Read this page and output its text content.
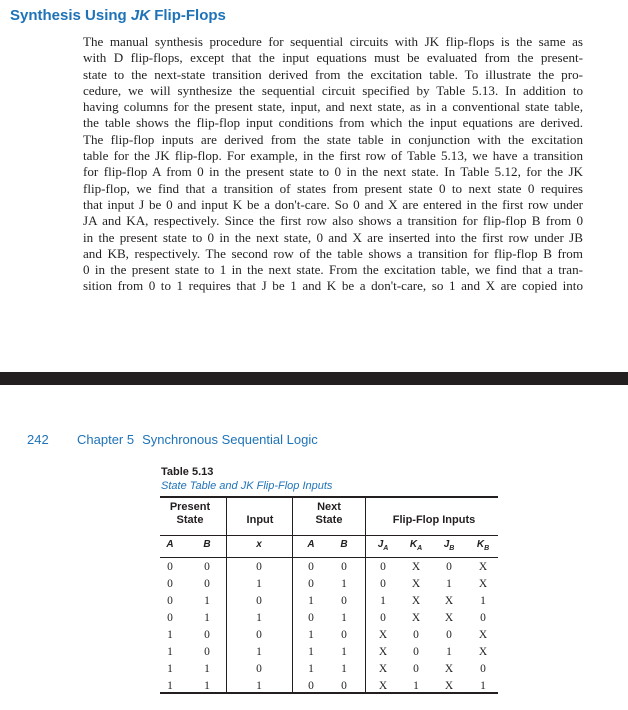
Synthesis Using JK Flip-Flops

The manual synthesis procedure for sequential circuits with JK flip-flops is the same as
with D flip-flops, except that the input equations must be evaluated from the present-
state to the next-state transition derived from the excitation table. To illustrate the pro-
cedure, we will synthesize the sequential circuit specified by Table 5.13. In addition to
having columns for the present state, input, and next state, as in a conventional state table,
the table shows the flip-flop input conditions from which the input equations are derived.
The flip-flop inputs are derived from the state table in conjunction with the excitation
table for the JK flip-flop. For example, in the first row of Table 5.13, we have a transition
for flip-flop A from 0 in the present state to 0 in the next state. In Table 5.12, for the JK
flip-flop, we find that a transition of states from present state 0 to next state 0 requires
that input J be 0 and input K be a don't-care. So 0 and X are entered in the first row under
JA and KA, respectively. Since the first row also shows a transition for flip-flop B from 0
in the present state to 0 in the next state, 0 and X are inserted into the first row under JB
and KB, respectively. The second row of the table shows a transition for flip-flop B from
0 in the present state to 1 in the next state. From the excitation table, we find that a tran-
sition from 0 to 1 requires that J be 1 and K be a don't-care, so 1 and X are copied into

242 Chapter 5 Synchronous Sequential Logic
Table 5.13
State Table and JK Flip-Flop Inputs
Present
State	Input
Next
State	Flip-Flop Inputs
A	B	x	A	B	$J_A$	$K_A$	$J_B$	$K_B$
0	0	0	0	0	0	X	0	X
0	0	1	0	1	0	X	1	X
0	1	0	1	0	1	X	X	1
0	1	1	0	1	0	X	X	0
1	0	0	1	0	X	0	0	X
1	0	1	1	1	X	0	1	X
1	1	0	1	1	X	0	X	0
1	1	1	0	0	X	1	X	1
